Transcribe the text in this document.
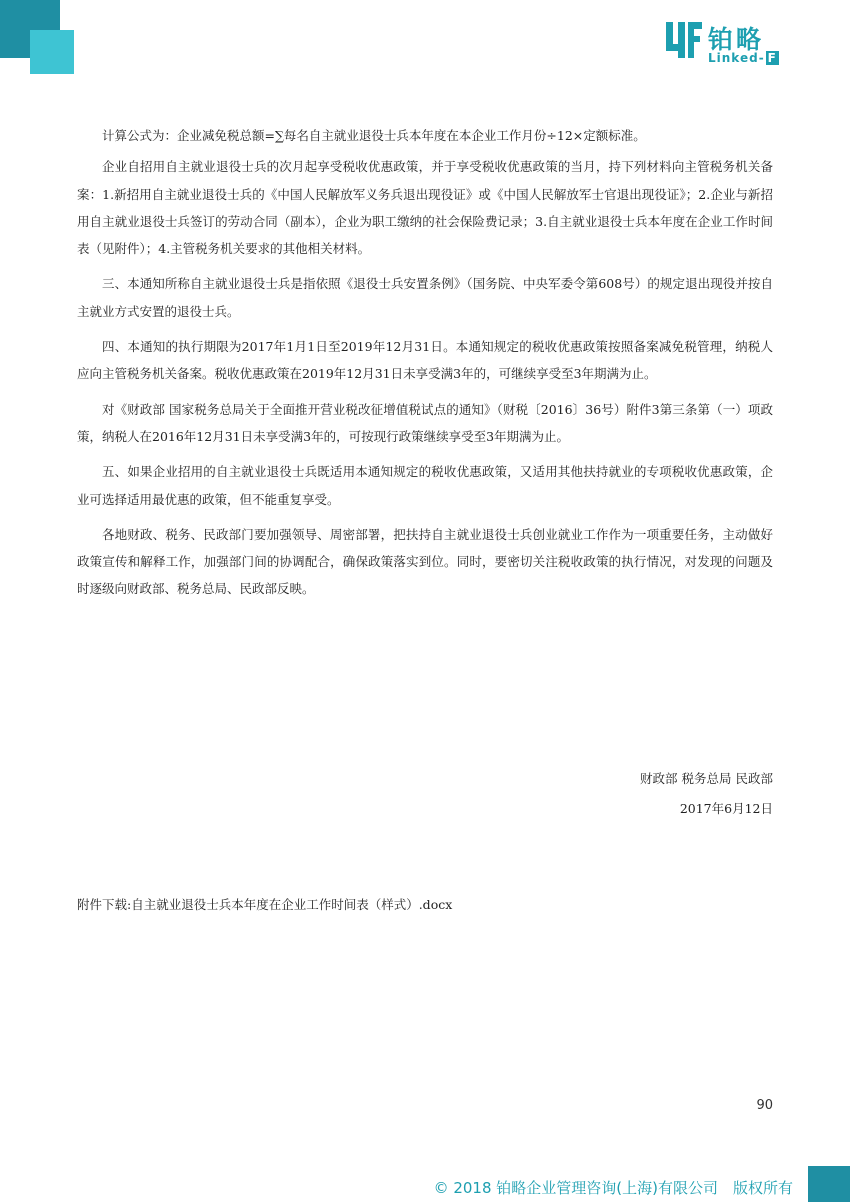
铂略
Linked- F

计算公式为：企业减免税总额=∑每名自主就业退役士兵本年度在本企业工作月份÷12×定额标准。

企业自招用自主就业退役士兵的次月起享受税收优惠政策，并于享受税收优惠政策的当月，持下列材料向主管税务机关备案：1.新招用自主就业退役士兵的《中国人民解放军义务兵退出现役证》或《中国人民解放军士官退出现役证》；2.企业与新招用自主就业退役士兵签订的劳动合同（副本），企业为职工缴纳的社会保险费记录；3.自主就业退役士兵本年度在企业工作时间表（见附件）；4.主管税务机关要求的其他相关材料。

三、本通知所称自主就业退役士兵是指依照《退役士兵安置条例》（国务院、中央军委令第608号）的规定退出现役并按自主就业方式安置的退役士兵。

四、本通知的执行期限为2017年1月1日至2019年12月31日。本通知规定的税收优惠政策按照备案减免税管理，纳税人应向主管税务机关备案。税收优惠政策在2019年12月31日未享受满3年的，可继续享受至3年期满为止。

对《财政部 国家税务总局关于全面推开营业税改征增值税试点的通知》（财税〔2016〕36号）附件3第三条第（一）项政策，纳税人在2016年12月31日未享受满3年的，可按现行政策继续享受至3年期满为止。

五、如果企业招用的自主就业退役士兵既适用本通知规定的税收优惠政策，又适用其他扶持就业的专项税收优惠政策，企业可选择适用最优惠的政策，但不能重复享受。

各地财政、税务、民政部门要加强领导、周密部署，把扶持自主就业退役士兵创业就业工作作为一项重要任务，主动做好政策宣传和解释工作，加强部门间的协调配合，确保政策落实到位。同时，要密切关注税收政策的执行情况，对发现的问题及时逐级向财政部、税务总局、民政部反映。

财政部 税务总局 民政部
2017年6月12日
附件下载:自主就业退役士兵本年度在企业工作时间表（样式）.docx
90
© 2018 铂略企业管理咨询(上海)有限公司　版权所有
